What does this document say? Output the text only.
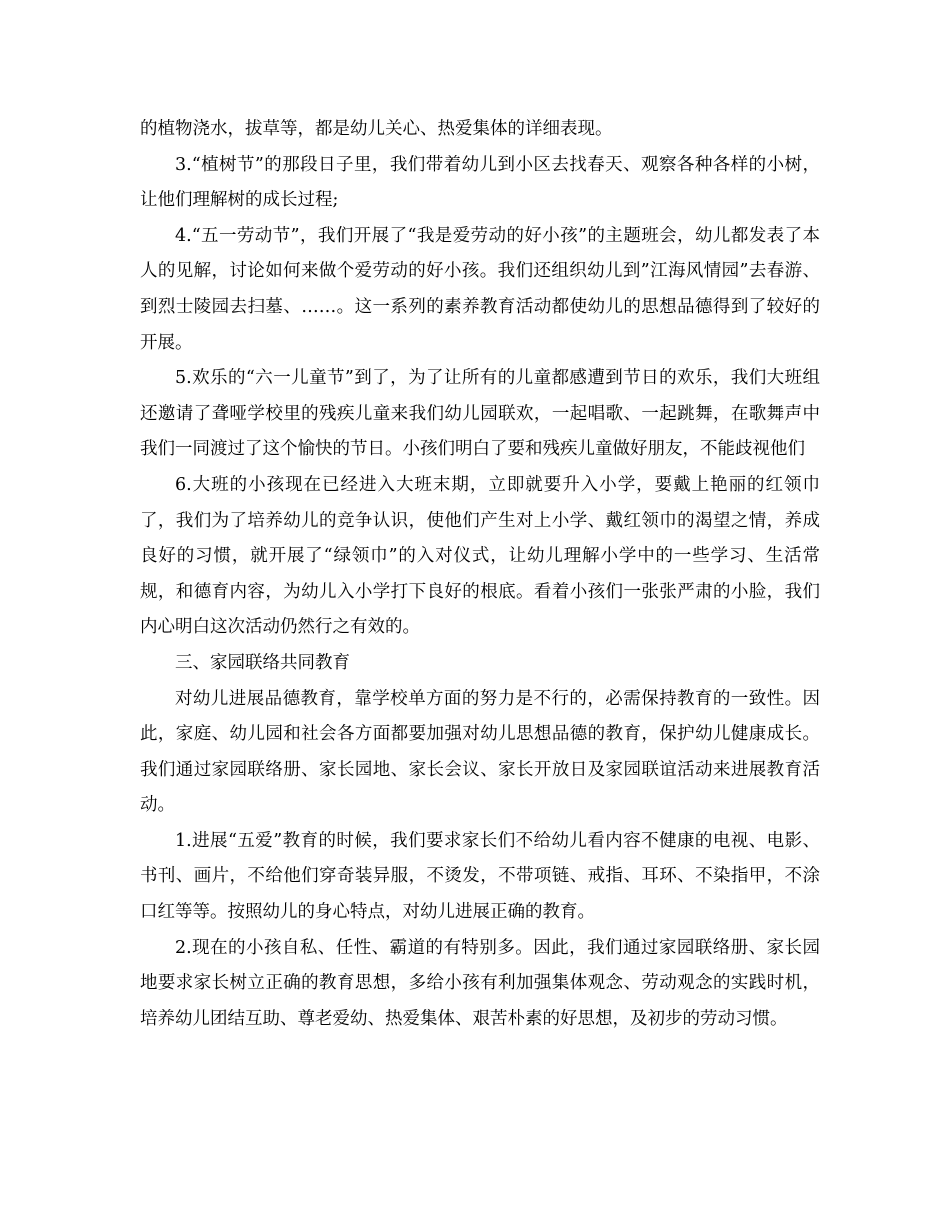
的植物浇水，拔草等，都是幼儿关心、热爱集体的详细表现。

3.“植树节”的那段日子里，我们带着幼儿到小区去找春天、观察各种各样的小树，让他们理解树的成长过程;

4.“五一劳动节”，我们开展了“我是爱劳动的好小孩”的主题班会，幼儿都发表了本人的见解，讨论如何来做个爱劳动的好小孩。我们还组织幼儿到”江海风情园”去春游、到烈士陵园去扫墓、……。这一系列的素养教育活动都使幼儿的思想品德得到了较好的开展。

5.欢乐的“六一儿童节”到了，为了让所有的儿童都感遭到节日的欢乐，我们大班组还邀请了聋哑学校里的残疾儿童来我们幼儿园联欢，一起唱歌、一起跳舞，在歌舞声中我们一同渡过了这个愉快的节日。小孩们明白了要和残疾儿童做好朋友，不能歧视他们

6.大班的小孩现在已经进入大班末期，立即就要升入小学，要戴上艳丽的红领巾了，我们为了培养幼儿的竞争认识，使他们产生对上小学、戴红领巾的渴望之情，养成良好的习惯，就开展了“绿领巾”的入对仪式，让幼儿理解小学中的一些学习、生活常规，和德育内容，为幼儿入小学打下良好的根底。看着小孩们一张张严肃的小脸，我们内心明白这次活动仍然行之有效的。

三、家园联络共同教育

对幼儿进展品德教育，靠学校单方面的努力是不行的，必需保持教育的一致性。因此，家庭、幼儿园和社会各方面都要加强对幼儿思想品德的教育，保护幼儿健康成长。我们通过家园联络册、家长园地、家长会议、家长开放日及家园联谊活动来进展教育活动。

1.进展“五爱”教育的时候，我们要求家长们不给幼儿看内容不健康的电视、电影、书刊、画片，不给他们穿奇装异服，不烫发，不带项链、戒指、耳环、不染指甲，不涂口红等等。按照幼儿的身心特点，对幼儿进展正确的教育。

2.现在的小孩自私、任性、霸道的有特别多。因此，我们通过家园联络册、家长园地要求家长树立正确的教育思想，多给小孩有利加强集体观念、劳动观念的实践时机，培养幼儿团结互助、尊老爱幼、热爱集体、艰苦朴素的好思想，及初步的劳动习惯。
